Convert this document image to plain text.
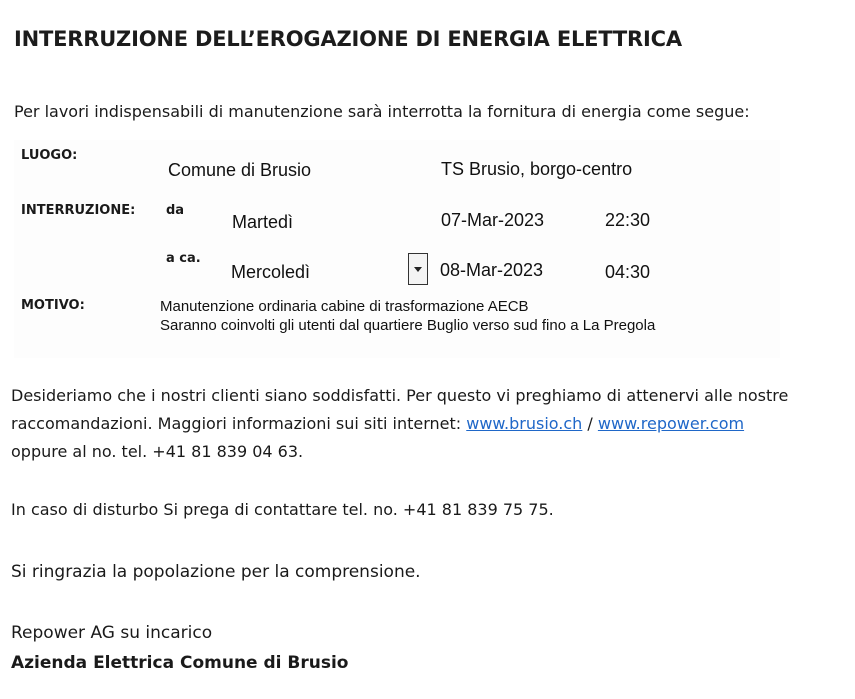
INTERRUZIONE DELL’EROGAZIONE DI ENERGIA ELETTRICA
Per lavori indispensabili di manutenzione sarà interrotta la fornitura di energia come segue:
LUOGO:
Comune di Brusio	TS Brusio, borgo-centro
INTERRUZIONE: da
Martedì	07-Mar-2023	22:30
a ca.
Mercoledì	08-Mar-2023	04:30
MOTIVO:	Manutenzione ordinaria cabine di trasformazione AECB
Saranno coinvolti gli utenti dal quartiere Buglio verso sud fino a La Pregola
Desideriamo che i nostri clienti siano soddisfatti. Per questo vi preghiamo di attenervi alle nostre
raccomandazioni. Maggiori informazioni sui siti internet: www.brusio.ch / www.repower.com
oppure al no. tel. +41 81 839 04 63.
In caso di disturbo Si prega di contattare tel. no. +41 81 839 75 75.
Si ringrazia la popolazione per la comprensione.
Repower AG su incarico
Azienda Elettrica Comune di Brusio
